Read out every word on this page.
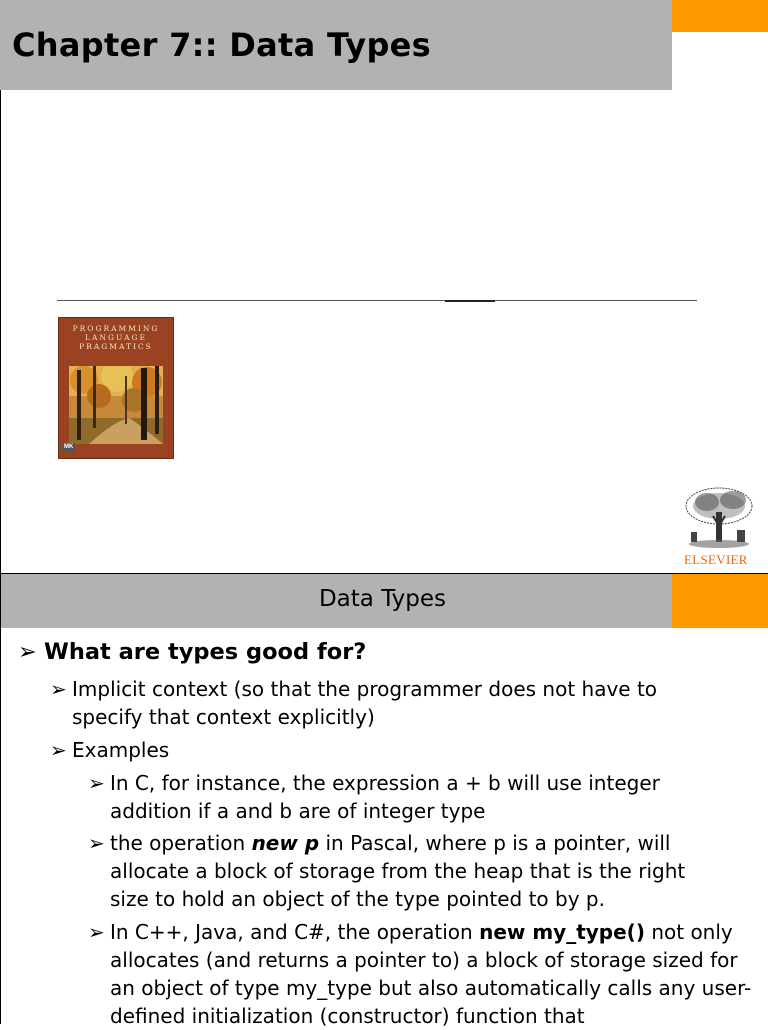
Chapter 7:: Data Types
PROGRAMMING
LANGUAGE
PRAGMATICS
MK
ELSEVIER
Data Types
➢ What are types good for?
➢ Implicit context (so that the programmer does not have to specify that context explicitly)
➢ Examples
➢ In C, for instance, the expression a + b will use integer addition if a and b are of integer type
➢ the operation new p in Pascal, where p is a pointer, will allocate a block of storage from the heap that is the right size to hold an object of the type pointed to by p.
➢ In C++, Java, and C#, the operation new my_type() not only allocates (and returns a pointer to) a block of storage sized for an object of type my_type but also automatically calls any user-defined initialization (constructor) function that
